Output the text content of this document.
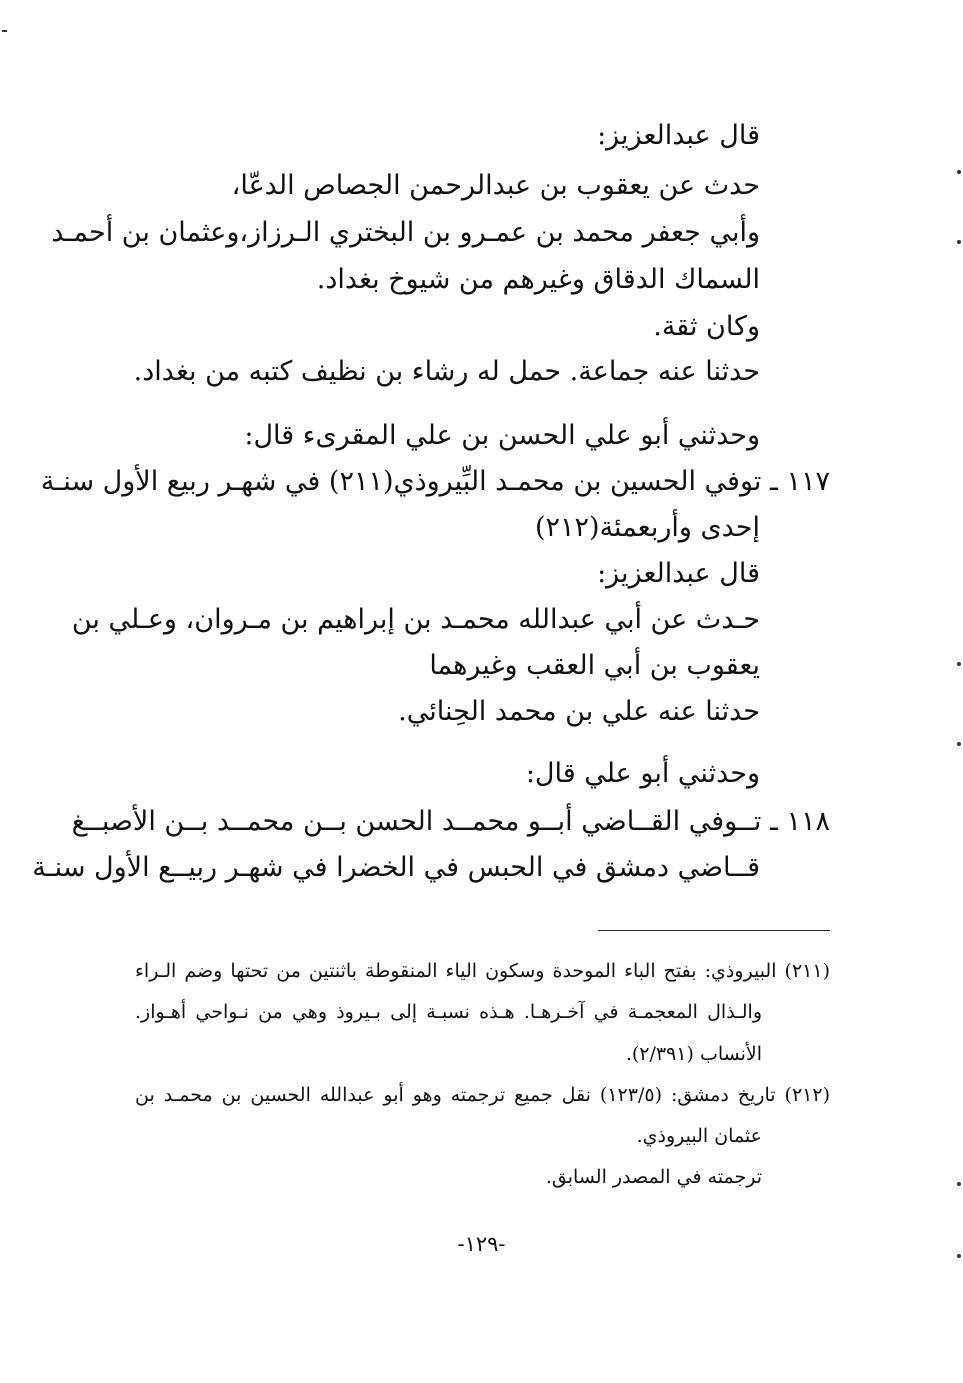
قال عبدالعزيز:
حدث عن يعقوب بن عبدالرحمن الجصاص الدعّا،
وأبي جعفر محمد بن عمـرو بن البختري الـرزاز،وعثمان بن أحمـد
السماك الدقاق وغيرهم من شيوخ بغداد.
وكان ثقة.
حدثنا عنه جماعة. حمل له رشاء بن نظيف كتبه من بغداد.
وحدثني أبو علي الحسن بن علي المقرىء قال:
١١٧ ـ توفي الحسين بن محمـد البِّيروذي(٢١١) في شهـر ربيع الأول سنـة
إحدى وأربعمئة(٢١٢)
قال عبدالعزيز:
حـدث عن أبي عبدالله محمـد بن إبراهيم بن مـروان، وعـلي بن
يعقوب بن أبي العقب وغيرهما
حدثنا عنه علي بن محمد الحِنائي.
وحدثني أبو علي قال:
١١٨ ـ تــوفي القــاضي أبــو محمــد الحسن بــن محمــد بــن الأصبــغ
قــاضي دمشق في الحبس في الخضرا في شهـر ربيــع الأول سنـة
(٢١١) البيروذي: بفتح الباء الموحدة وسكون الياء المنقوطة باثنتين من تحتها وضم الـراء
والـذال المعجمـة في آخـرهـا. هـذه نسبـة إلى بـيروذ وهي من نـواحي أهـواز.
الأنساب (٢/٣٩١).
(٢١٢) تاريخ دمشق: (١٢٣/٥) نقل جميع ترجمته وهو أبو عبدالله الحسين بن محمـد بن
عثمان البيروذي.
ترجمته في المصدر السابق.
-١٢٩-
